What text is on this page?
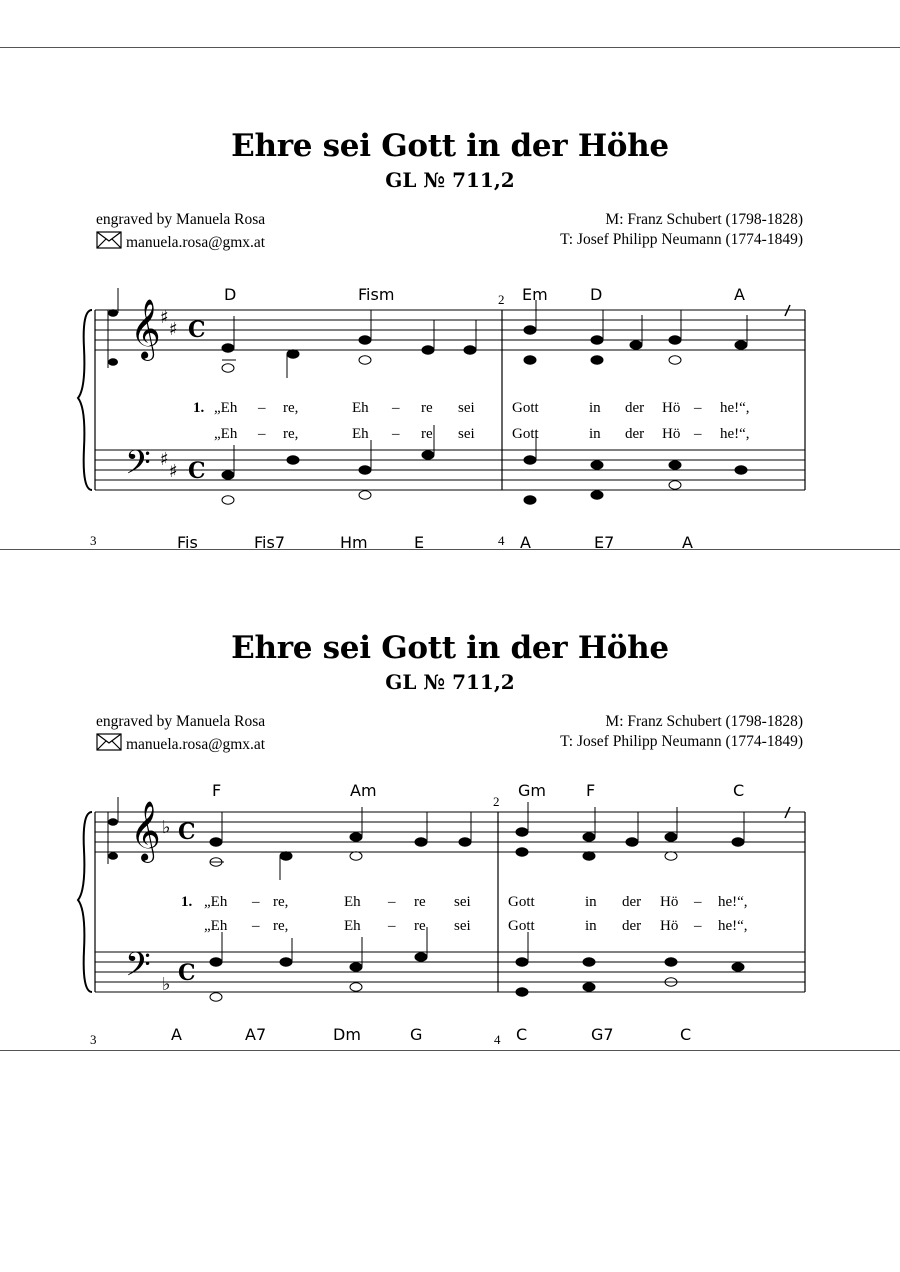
Ehre sei Gott in der Höhe
GL № 711,2
engraved by Manuela Rosa
manuela.rosa@gmx.at
M: Franz Schubert (1798-1828)
T: Josef Philipp Neumann (1774-1849)
𝄞 ♯
♯ C
𝄢 ♯
♯ C
D	Fism	Em	D	A
2
1. „Eh – re,	Eh – re sei Gott	in der Hö – he!“,
„Eh – re,	Eh – re sei Gott	in der Hö – he!“,
3	4
Fis	Fis7	Hm	E	A	E7	A
Ehre sei Gott in der Höhe
GL № 711,2
engraved by Manuela Rosa
manuela.rosa@gmx.at
M: Franz Schubert (1798-1828)
T: Josef Philipp Neumann (1774-1849)
𝄞 ♭ C
𝄢 ♭ C
F	Am	Gm	F	C
2
1. „Eh – re,	Eh – re sei Gott	in der Hö – he!“,
„Eh – re,	Eh – re sei Gott	in der Hö – he!“,
3	4
A	A7	Dm	G	C	G7	C
